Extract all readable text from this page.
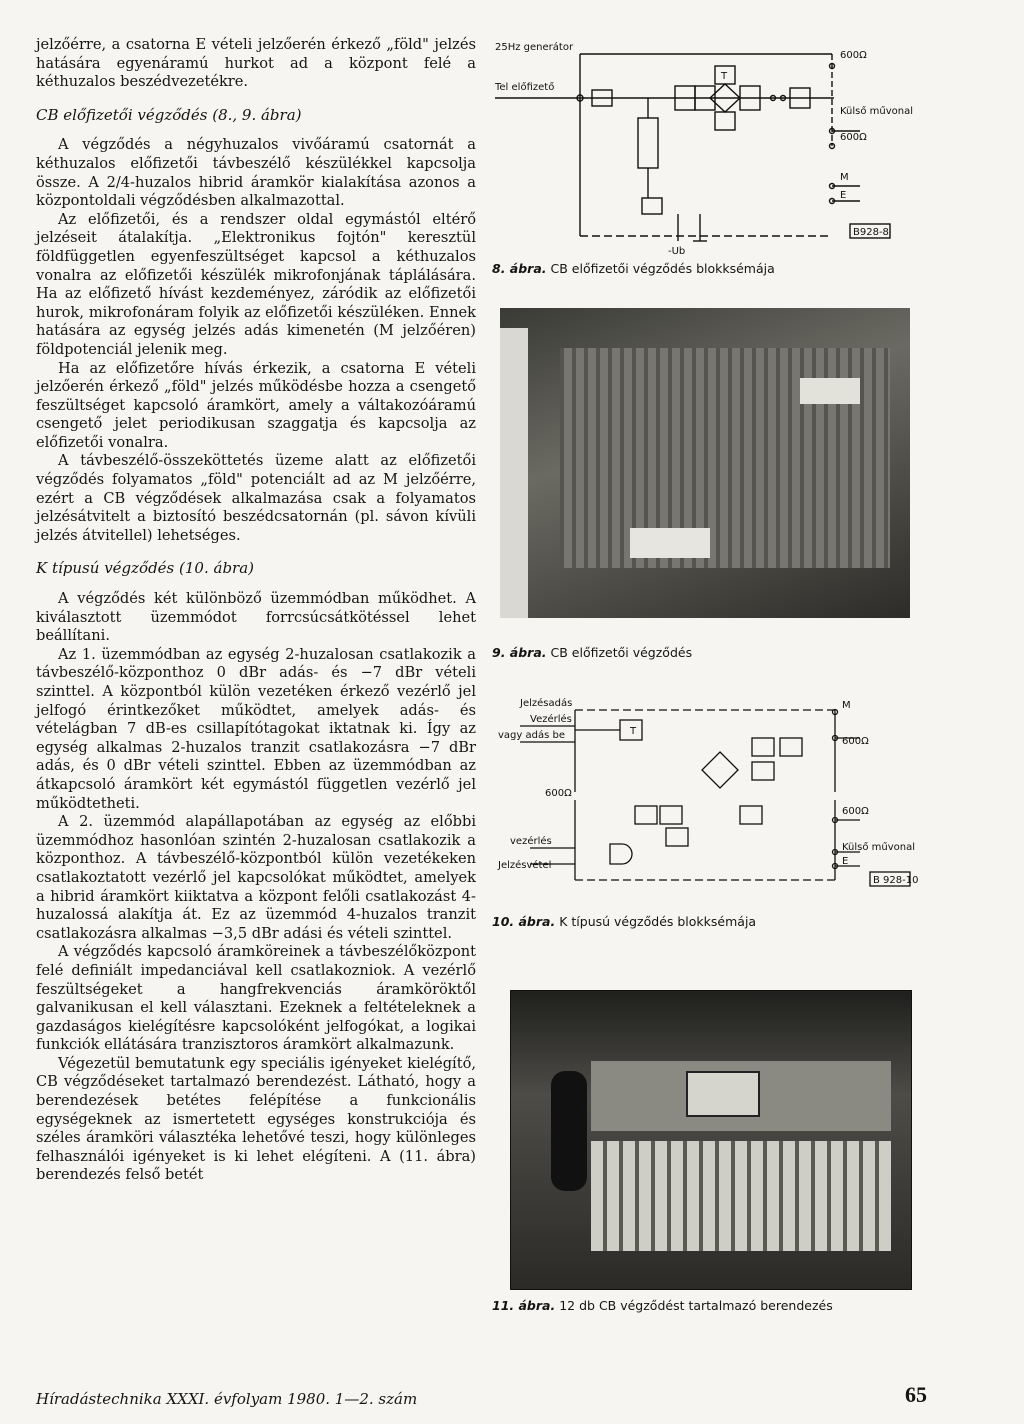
jelzőérre, a csatorna E vételi jelzőerén érkező „föld" jelzés hatására egyenáramú hurkot ad a központ felé a kéthuzalos beszédvezetékre.

CB előfizetői végződés (8., 9. ábra)

A végződés a négyhuzalos vivőáramú csatornát a kéthuzalos előfizetői távbeszélő készülékkel kapcsolja össze. A 2/4-huzalos hibrid áramkör kialakítása azonos a központoldali végződésben alkalmazottal.

Az előfizetői, és a rendszer oldal egymástól eltérő jelzéseit átalakítja. „Elektronikus fojtón" keresztül földfüggetlen egyenfeszültséget kapcsol a kéthuzalos vonalra az előfizetői készülék mikrofonjának táplálására. Ha az előfizető hívást kezdeményez, záródik az előfizetői hurok, mikrofonáram folyik az előfizetői készüléken. Ennek hatására az egység jelzés adás kimenetén (M jelzőéren) földpotenciál jelenik meg.

Ha az előfizetőre hívás érkezik, a csatorna E vételi jelzőerén érkező „föld" jelzés működésbe hozza a csengető feszültséget kapcsoló áramkört, amely a váltakozóáramú csengető jelet periodikusan szaggatja és kapcsolja az előfizetői vonalra.

A távbeszélő-összeköttetés üzeme alatt az előfizetői végződés folyamatos „föld" potenciált ad az M jelzőérre, ezért a CB végződések alkalmazása csak a folyamatos jelzésátvitelt a biztosító beszédcsatornán (pl. sávon kívüli jelzés átvitellel) lehetséges.

K típusú végződés (10. ábra)

A végződés két különböző üzemmódban működhet. A kiválasztott üzemmódot forrcsúcsátkötéssel lehet beállítani.

Az 1. üzemmódban az egység 2-huzalosan csatlakozik a távbeszélő-központhoz 0 dBr adás- és −7 dBr vételi szinttel. A központból külön vezetéken érkező vezérlő jel jelfogó érintkezőket működtet, amelyek adás- és vételágban 7 dB-es csillapítótagokat iktatnak ki. Így az egység alkalmas 2-huzalos tranzit csatlakozásra −7 dBr adás, és 0 dBr vételi szinttel. Ebben az üzemmódban az átkapcsoló áramkört két egymástól független vezérlő jel működtetheti.

A 2. üzemmód alapállapotában az egység az előbbi üzemmódhoz hasonlóan szintén 2-huzalosan csatlakozik a központhoz. A távbeszélő-központból külön vezetékeken csatlakoztatott vezérlő jel kapcsolókat működtet, amelyek a hibrid áramkört kiiktatva a központ felőli csatlakozást 4-huzalossá alakítja át. Ez az üzemmód 4-huzalos tranzit csatlakozásra alkalmas −3,5 dBr adási és vételi szinttel.

A végződés kapcsoló áramköreinek a távbeszélőközpont felé definiált impedanciával kell csatlakozniok. A vezérlő feszültségeket a hangfrekvenciás áramköröktől galvanikusan el kell választani. Ezeknek a feltételeknek a gazdaságos kielégítésre kapcsolóként jelfogókat, a logikai funkciók ellátására tranzisztoros áramkört alkalmazunk.

Végezetül bemutatunk egy speciális igényeket kielégítő, CB végződéseket tartalmazó berendezést. Látható, hogy a berendezések betétes felépítése a funkcionális egységeknek az ismertetett egységes konstrukciója és széles áramköri választéka lehetővé teszi, hogy különleges felhasználói igényeket is ki lehet elégíteni. A (11. ábra) berendezés felső betét

25Hz generátor
Tel előfizető
600Ω
Külső művonal
600Ω
M
E
-Ub
B928-8
T
8. ábra. CB előfizetői végződés blokksémája
9. ábra. CB előfizetői végződés
Jelzésadás
Vezérlés
vagy adás be
M
600Ω
T
600Ω
600Ω
vezérlés
Jelzésvétel
Külső művonal
E
B 928-10
10. ábra. K típusú végződés blokksémája
11. ábra. 12 db CB végződést tartalmazó berendezés
Híradástechnika XXXI. évfolyam 1980. 1—2. szám	65
